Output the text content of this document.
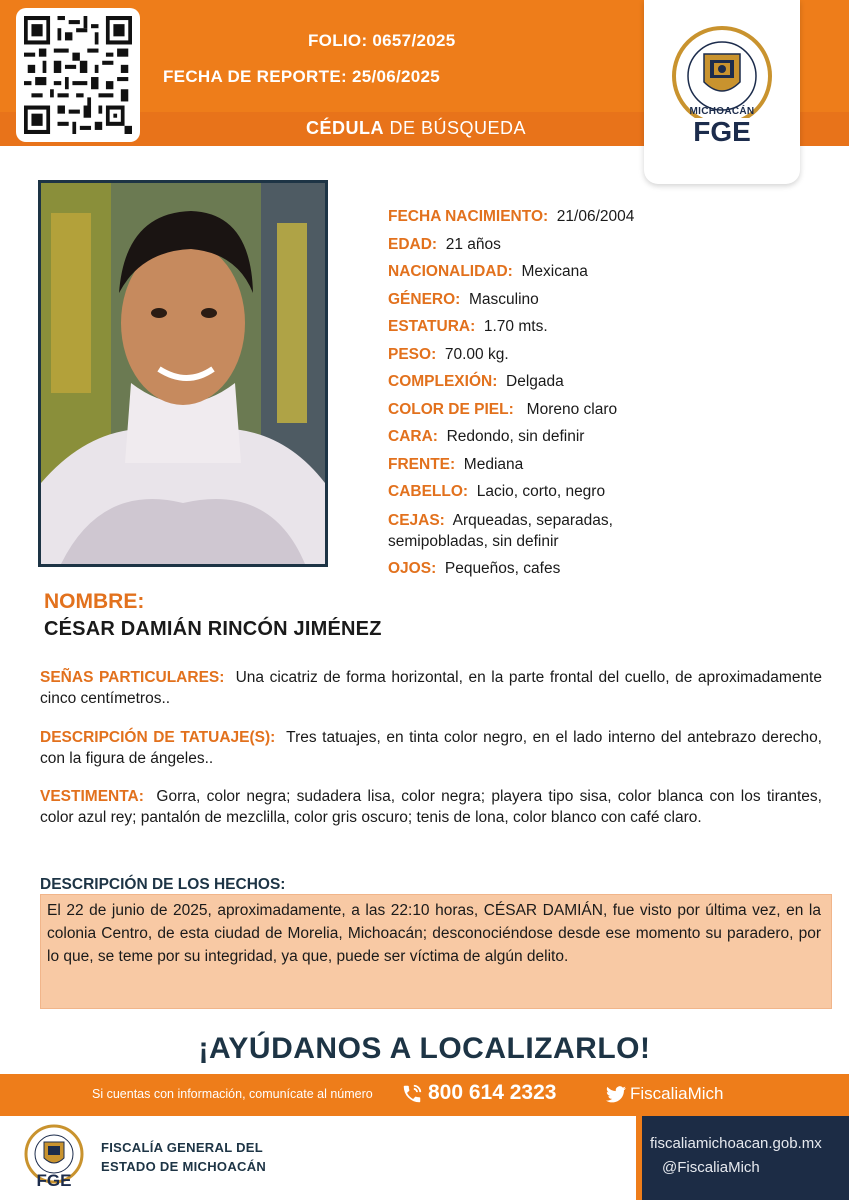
FOLIO: 0657/2025
FECHA DE REPORTE: 25/06/2025
CÉDULA DE BÚSQUEDA
MICHOACÁN
FGE
FECHA NACIMIENTO: 21/06/2004
EDAD: 21 años
NACIONALIDAD: Mexicana
GÉNERO: Masculino
ESTATURA: 1.70 mts.
PESO: 70.00 kg.
COMPLEXIÓN: Delgada
COLOR DE PIEL: Moreno claro
CARA: Redondo, sin definir
FRENTE: Mediana
CABELLO: Lacio, corto, negro
CEJAS: Arqueadas, separadas, semipobladas, sin definir
OJOS: Pequeños, cafes
NOMBRE:
CÉSAR DAMIÁN RINCÓN JIMÉNEZ
SEÑAS PARTICULARES: Una cicatriz de forma horizontal, en la parte frontal del cuello, de aproximadamente cinco centímetros..
DESCRIPCIÓN DE TATUAJE(S): Tres tatuajes, en tinta color negro, en el lado interno del antebrazo derecho, con la figura de ángeles..
VESTIMENTA: Gorra, color negra; sudadera lisa, color negra; playera tipo sisa, color blanca con los tirantes, color azul rey; pantalón de mezclilla, color gris oscuro; tenis de lona, color blanco con café claro.
DESCRIPCIÓN DE LOS HECHOS:
El 22 de junio de 2025, aproximadamente, a las 22:10 horas, CÉSAR DAMIÁN, fue visto por última vez, en la colonia Centro, de esta ciudad de Morelia, Michoacán; desconociéndose desde ese momento su paradero, por lo que, se teme por su integridad, ya que, puede ser víctima de algún delito.
¡AYÚDANOS A LOCALIZARLO!
Si cuentas con información, comunícate al número	800 614 2323	FiscaliaMich
FGE
FISCALÍA GENERAL DEL
ESTADO DE MICHOACÁN
fiscaliamichoacan.gob.mx
@FiscaliaMich
